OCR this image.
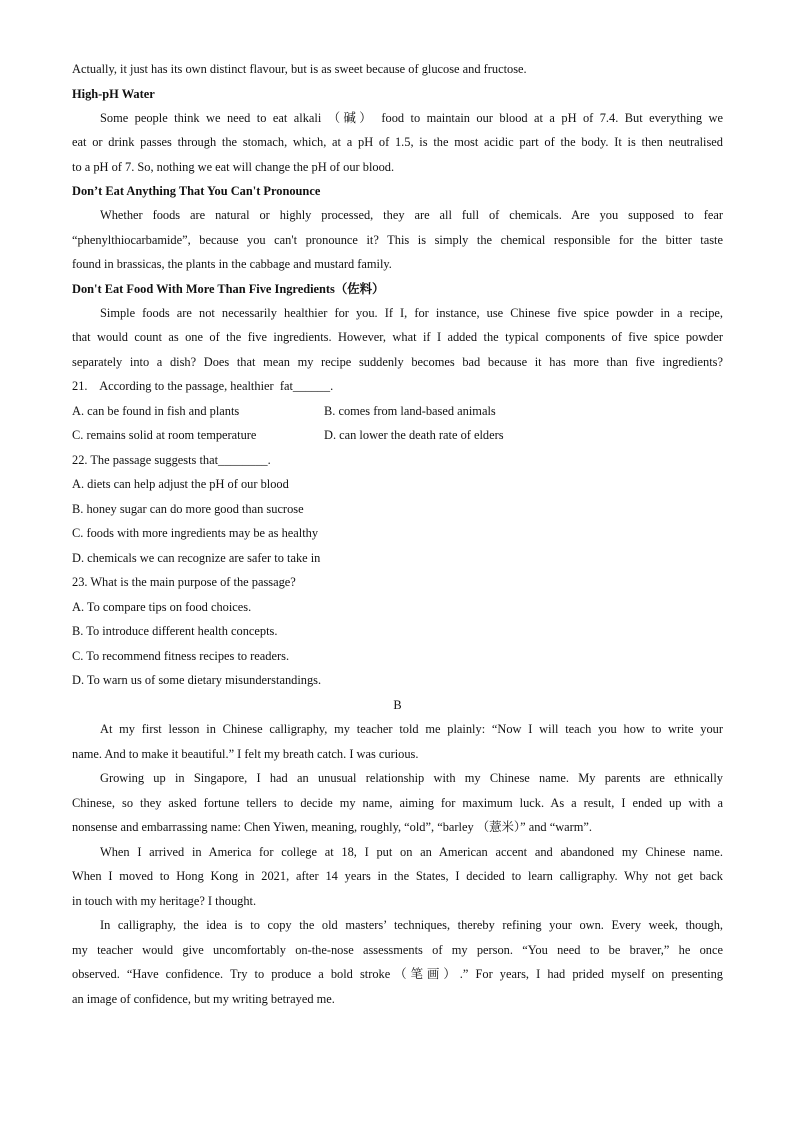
Actually, it just has its own distinct flavour, but is as sweet because of glucose and fructose.
High-pH Water
Some people think we need to eat alkali （碱） food to maintain our blood at a pH of 7.4. But everything we
eat or drink passes through the stomach, which, at a pH of 1.5, is the most acidic part of the body. It is then neutralised
to a pH of 7. So, nothing we eat will change the pH of our blood.
Don’t Eat Anything That You Can't Pronounce
Whether foods are natural or highly processed, they are all full of chemicals. Are you supposed to fear
“phenylthiocarbamide”, because you can't pronounce it? This is simply the chemical responsible for the bitter taste
found in brassicas, the plants in the cabbage and mustard family.
Don't Eat Food With More Than Five Ingredients（佐料）
Simple foods are not necessarily healthier for you. If I, for instance, use Chinese five spice powder in a recipe,
that would count as one of the five ingredients. However, what if I added the typical components of five spice powder
separately into a dish? Does that mean my recipe suddenly becomes bad because it has more than five ingredients?
21.    According to the passage, healthier  fat______.
A. can be found in fish and plants	B. comes from land-based animals
C. remains solid at room temperature	D. can lower the death rate of elders
22. The passage suggests that________.
A. diets can help adjust the pH of our blood
B. honey sugar can do more good than sucrose
C. foods with more ingredients may be as healthy
D. chemicals we can recognize are safer to take in
23. What is the main purpose of the passage?
A. To compare tips on food choices.
B. To introduce different health concepts.
C. To recommend fitness recipes to readers.
D. To warn us of some dietary misunderstandings.
B
At my first lesson in Chinese calligraphy, my teacher told me plainly: “Now I will teach you how to write your
name. And to make it beautiful.” I felt my breath catch. I was curious.
Growing up in Singapore, I had an unusual relationship with my Chinese name. My parents are ethnically
Chinese, so they asked fortune tellers to decide my name, aiming for maximum luck. As a result, I ended up with a
nonsense and embarrassing name: Chen Yiwen, meaning, roughly, “old”, “barley （薏米）” and “warm”.
When I arrived in America for college at 18, I put on an American accent and abandoned my Chinese name.
When I moved to Hong Kong in 2021, after 14 years in the States, I decided to learn calligraphy. Why not get back
in touch with my heritage? I thought.
In calligraphy, the idea is to copy the old masters’ techniques, thereby refining your own. Every week, though,
my teacher would give uncomfortably on-the-nose assessments of my person. “You need to be braver,” he once
observed. “Have confidence. Try to produce a bold stroke（笔画）.” For years, I had prided myself on presenting
an image of confidence, but my writing betrayed me.
